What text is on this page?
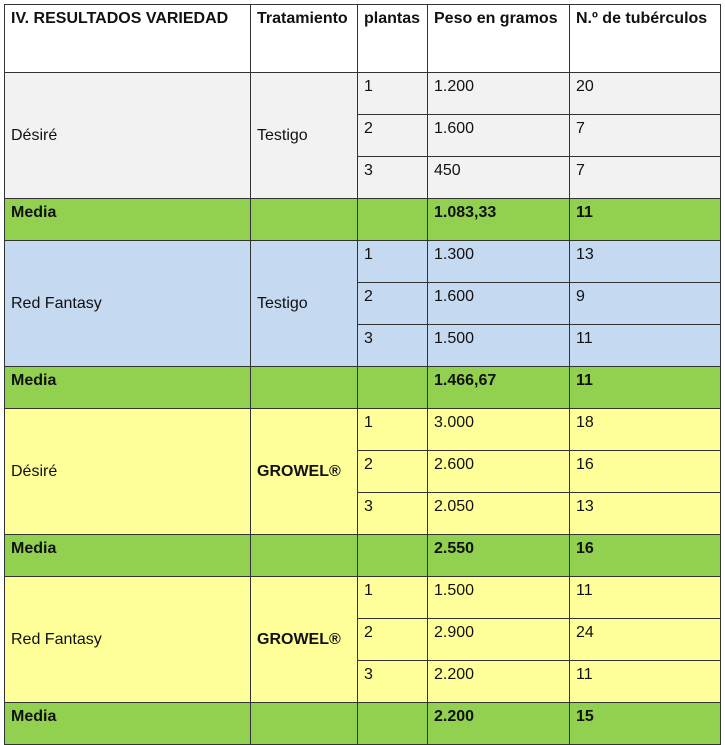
IV. RESULTADOS VARIEDAD	Tratamiento	plantas	Peso en gramos	N.º de tubérculos
Désiré	Testigo	1	1.200	20
		2	1.600	7
		3	450	7
Media			1.083,33	11
Red Fantasy	Testigo	1	1.300	13
		2	1.600	9
		3	1.500	11
Media			1.466,67	11
Désiré	GROWEL®	1	3.000	18
		2	2.600	16
		3	2.050	13
Media			2.550	16
Red Fantasy	GROWEL®	1	1.500	11
		2	2.900	24
		3	2.200	11
Media			2.200	15
